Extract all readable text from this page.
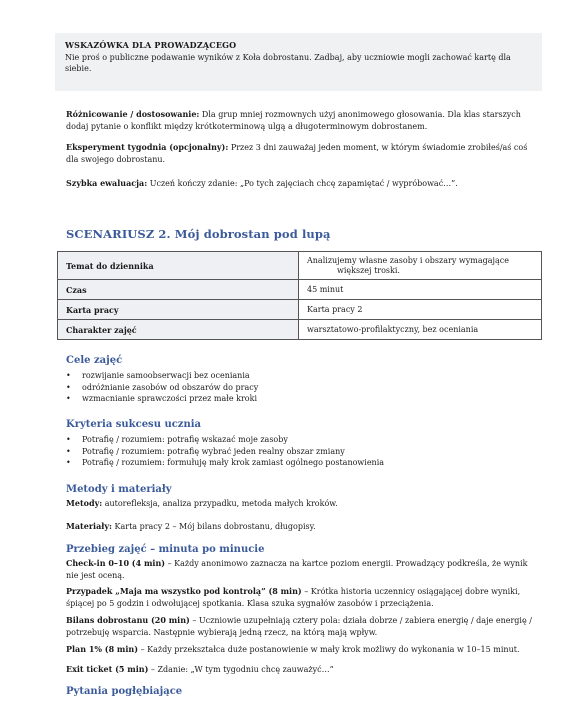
WSKAZÓWKA DLA PROWADZĄCEGO
Nie proś o publiczne podawanie wyników z Koła dobrostanu. Zadbaj, aby uczniowie mogli zachować kartę dla
siebie.
Różnicowanie / dostosowanie: Dla grup mniej rozmownych użyj anonimowego głosowania. Dla klas starszych
dodaj pytanie o konflikt między krótkoterminową ulgą a długoterminowym dobrostanem.
Eksperyment tygodnia (opcjonalny): Przez 3 dni zauważaj jeden moment, w którym świadomie zrobiłeś/aś coś
dla swojego dobrostanu.
Szybka ewaluacja: Uczeń kończy zdanie: „Po tych zajęciach chcę zapamiętać / wypróbować…”.
SCENARIUSZ 2. Mój dobrostan pod lupą
Temat do dziennika	Analizujemy własne zasoby i obszary wymagające
większej troski.

Czas	45 minut
Karta pracy	Karta pracy 2
Charakter zajęć	warsztatowo-profilaktyczny, bez oceniania
Cele zajęć
• rozwijanie samoobserwacji bez oceniania
• odróżnianie zasobów od obszarów do pracy
• wzmacnianie sprawczości przez małe kroki
Kryteria sukcesu ucznia
• Potrafię / rozumiem: potrafię wskazać moje zasoby
• Potrafię / rozumiem: potrafię wybrać jeden realny obszar zmiany
• Potrafię / rozumiem: formułuję mały krok zamiast ogólnego postanowienia
Metody i materiały
Metody: autorefleksja, analiza przypadku, metoda małych kroków.
Materiały: Karta pracy 2 – Mój bilans dobrostanu, długopisy.
Przebieg zajęć – minuta po minucie
Check-in 0–10 (4 min) – Każdy anonimowo zaznacza na kartce poziom energii. Prowadzący podkreśla, że wynik
nie jest oceną.
Przypadek „Maja ma wszystko pod kontrolą” (8 min) – Krótka historia uczennicy osiągającej dobre wyniki,
śpiącej po 5 godzin i odwołującej spotkania. Klasa szuka sygnałów zasobów i przeciążenia.
Bilans dobrostanu (20 min) – Uczniowie uzupełniają cztery pola: działa dobrze / zabiera energię / daje energię /
potrzebuję wsparcia. Następnie wybierają jedną rzecz, na którą mają wpływ.
Plan 1% (8 min) – Każdy przekształca duże postanowienie w mały krok możliwy do wykonania w 10–15 minut.
Exit ticket (5 min) – Zdanie: „W tym tygodniu chcę zauważyć…”
Pytania pogłębiające
